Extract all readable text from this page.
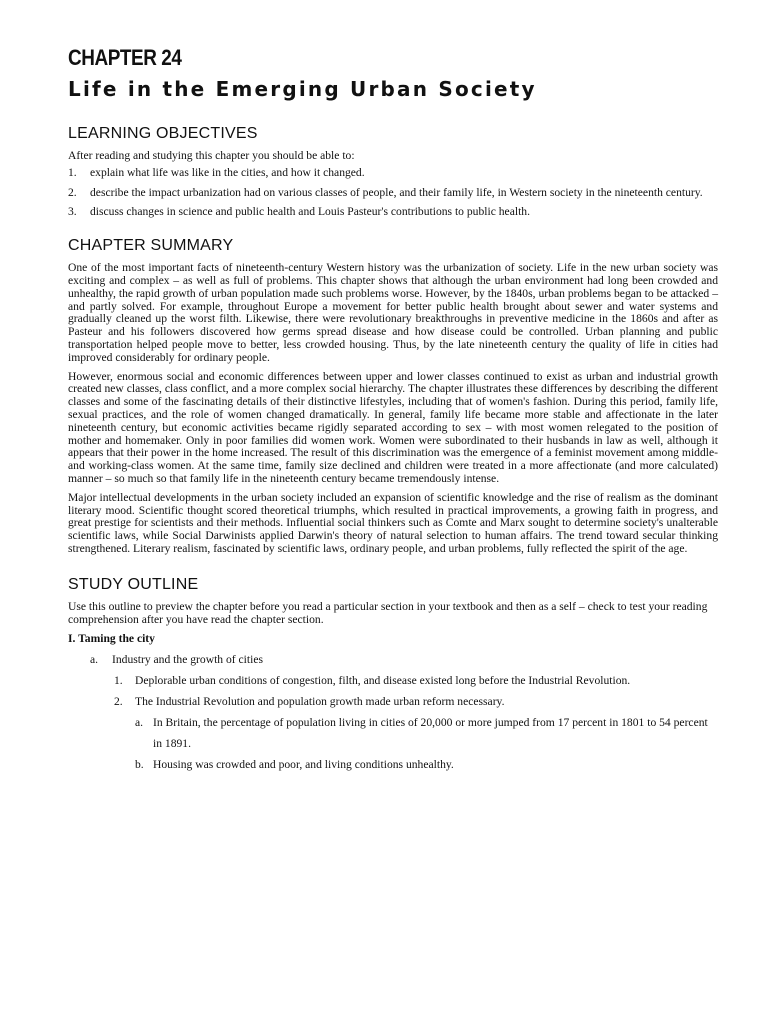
CHAPTER 24
Life in the Emerging Urban Society
LEARNING OBJECTIVES

After reading and studying this chapter you should be able to:

1. explain what life was like in the cities, and how it changed.
2. describe the impact urbanization had on various classes of people, and their family life, in Western society in the nineteenth century.
3. discuss changes in science and public health and Louis Pasteur's contributions to public health.
CHAPTER SUMMARY

One of the most important facts of nineteenth-century Western history was the urbanization of society. Life in the new urban society was exciting and complex – as well as full of problems. This chapter shows that although the urban environment had long been crowded and unhealthy, the rapid growth of urban population made such problems worse. However, by the 1840s, urban problems began to be attacked – and partly solved. For example, throughout Europe a movement for better public health brought about sewer and water systems and gradually cleaned up the worst filth. Likewise, there were revolutionary breakthroughs in preventive medicine in the 1860s and after as Pasteur and his followers discovered how germs spread disease and how disease could be controlled. Urban planning and public transportation helped people move to better, less crowded housing. Thus, by the late nineteenth century the quality of life in cities had improved considerably for ordinary people.

However, enormous social and economic differences between upper and lower classes continued to exist as urban and industrial growth created new classes, class conflict, and a more complex social hierarchy. The chapter illustrates these differences by describing the different classes and some of the fascinating details of their distinctive lifestyles, including that of women's fashion. During this period, family life, sexual practices, and the role of women changed dramatically. In general, family life became more stable and affectionate in the later nineteenth century, but economic activities became rigidly separated according to sex – with most women relegated to the position of mother and homemaker. Only in poor families did women work. Women were subordinated to their husbands in law as well, although it appears that their power in the home increased. The result of this discrimination was the emergence of a feminist movement among middle- and working-class women. At the same time, family size declined and children were treated in a more affectionate (and more calculated) manner – so much so that family life in the nineteenth century became tremendously intense.

Major intellectual developments in the urban society included an expansion of scientific knowledge and the rise of realism as the dominant literary mood. Scientific thought scored theoretical triumphs, which resulted in practical improvements, a growing faith in progress, and great prestige for scientists and their methods. Influential social thinkers such as Comte and Marx sought to determine society's unalterable scientific laws, while Social Darwinists applied Darwin's theory of natural selection to human affairs. The trend toward secular thinking strengthened. Literary realism, fascinated by scientific laws, ordinary people, and urban problems, fully reflected the spirit of the age.

STUDY OUTLINE

Use this outline to preview the chapter before you read a particular section in your textbook and then as a self – check to test your reading comprehension after you have read the chapter section.

I. Taming the city

a. Industry and the growth of cities
1. Deplorable urban conditions of congestion, filth, and disease existed long before the Industrial Revolution.
2. The Industrial Revolution and population growth made urban reform necessary.
a. In Britain, the percentage of population living in cities of 20,000 or more jumped from 17 percent in 1801 to 54 percent in 1891.
b. Housing was crowded and poor, and living conditions unhealthy.
